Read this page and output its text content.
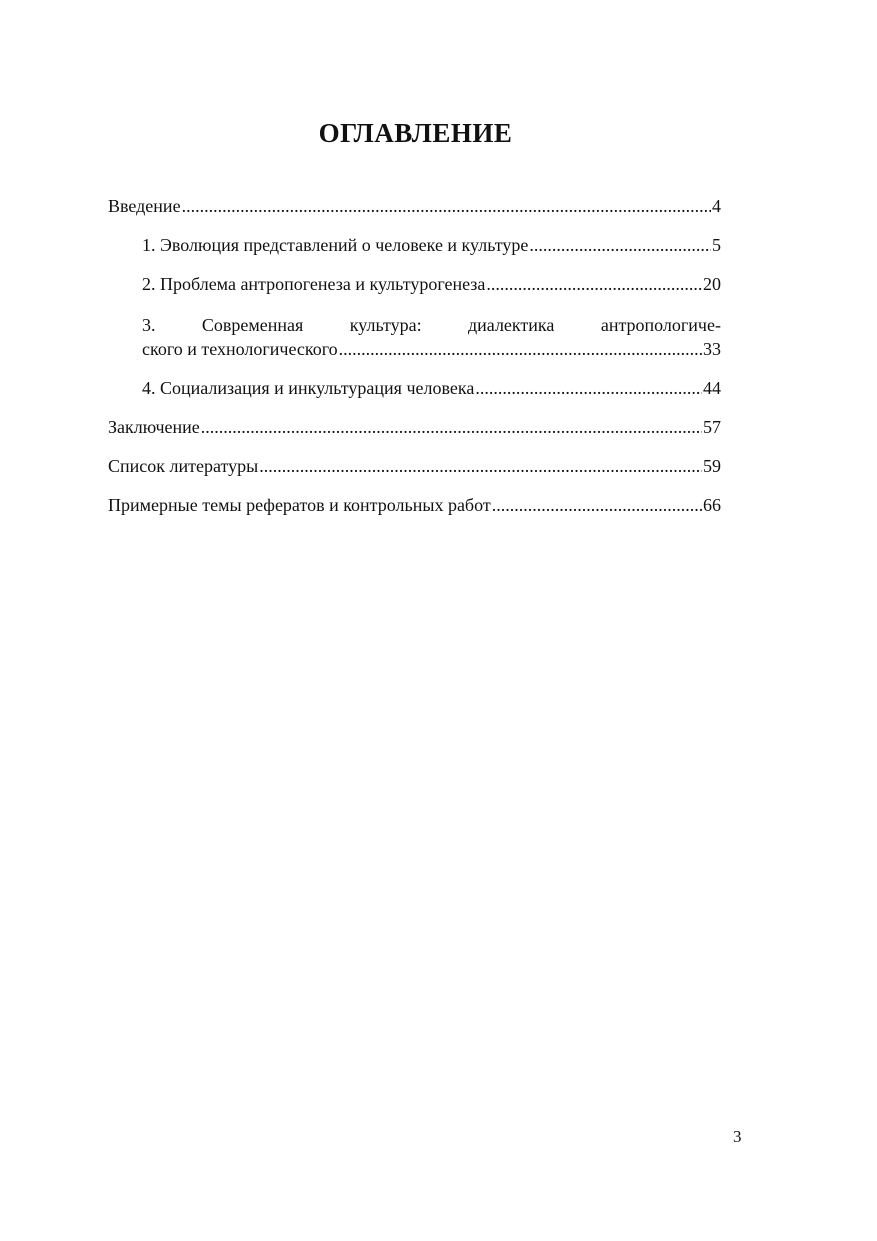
ОГЛАВЛЕНИЕ
Введение .....	4
1. Эволюция представлений о человеке и культуре .....	5
2. Проблема антропогенеза и культурогенеза .....	20
3.	Современная	культура:	диалектика	антропологиче-
ского и технологического .....	33
4. Социализация и инкультурация человека .....	44
Заключение .....	57
Список литературы .....	59
Примерные темы рефератов и контрольных работ .....	66
3
